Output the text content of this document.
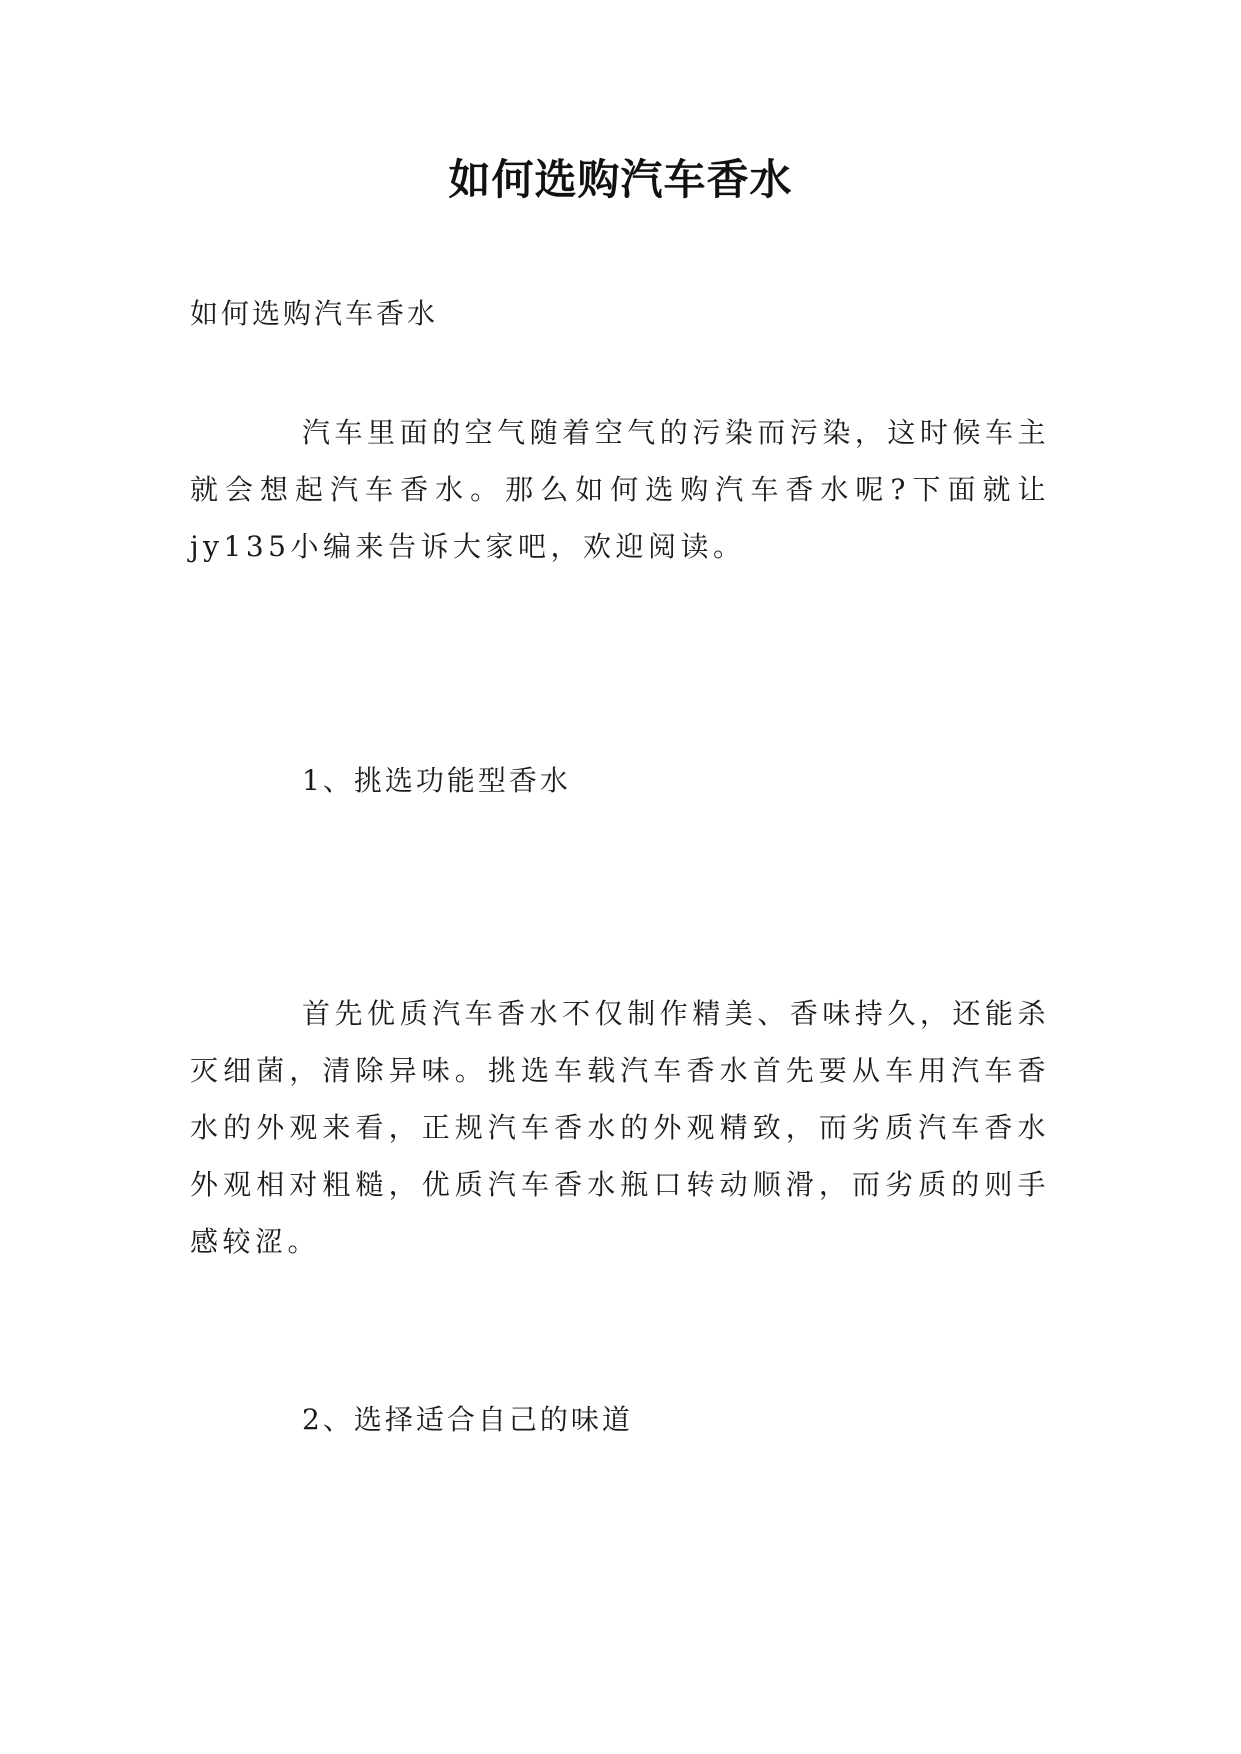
如何选购汽车香水
如何选购汽车香水

汽车里面的空气随着空气的污染而污染，这时候车主就会想起汽车香水。那么如何选购汽车香水呢?下面就让jy135小编来告诉大家吧，欢迎阅读。

1、挑选功能型香水

首先优质汽车香水不仅制作精美、香味持久，还能杀灭细菌，清除异味。挑选车载汽车香水首先要从车用汽车香水的外观来看，正规汽车香水的外观精致，而劣质汽车香水外观相对粗糙，优质汽车香水瓶口转动顺滑，而劣质的则手感较涩。

2、选择适合自己的味道
